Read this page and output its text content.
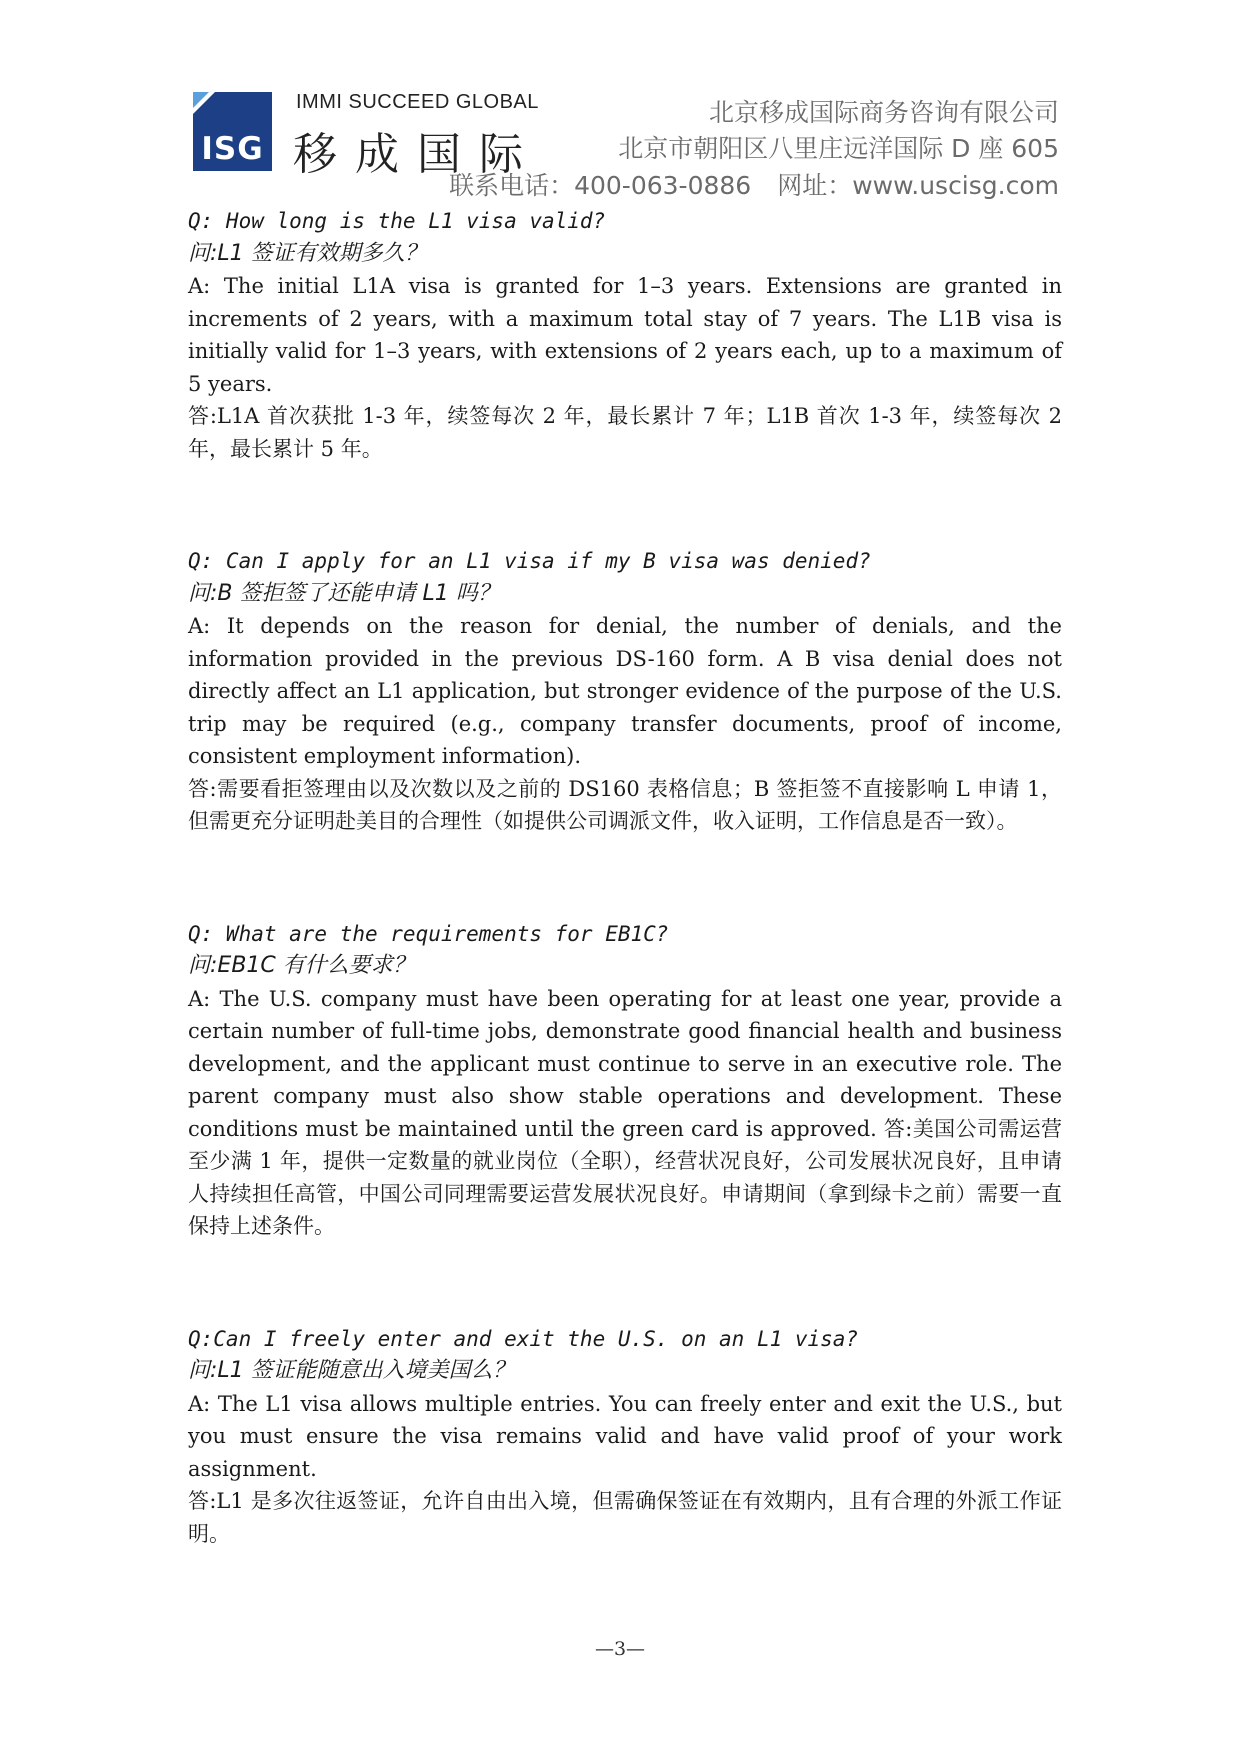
ISG
IMMI SUCCEED GLOBAL
移成国际
北京移成国际商务咨询有限公司
北京市朝阳区八里庄远洋国际 D 座 605
联系电话：400-063-0886 网址：www.uscisg.com
Q: How long is the L1 visa valid?
问:L1 签证有效期多久？
A: The initial L1A visa is granted for 1–3 years. Extensions are granted in increments of 2 years, with a maximum total stay of 7 years. The L1B visa is initially valid for 1–3 years, with extensions of 2 years each, up to a maximum of 5 years.
答:L1A 首次获批 1-3 年，续签每次 2 年，最长累计 7 年；L1B 首次 1-3 年，续签每次 2 年，最长累计 5 年。
Q: Can I apply for an L1 visa if my B visa was denied?
问:B 签拒签了还能申请 L1 吗？
A: It depends on the reason for denial, the number of denials, and the information provided in the previous DS-160 form. A B visa denial does not directly affect an L1 application, but stronger evidence of the purpose of the U.S. trip may be required (e.g., company transfer documents, proof of income, consistent employment information).
答:需要看拒签理由以及次数以及之前的 DS160 表格信息；B 签拒签不直接影响 L 申请 1，但需更充分证明赴美目的合理性（如提供公司调派文件，收入证明，工作信息是否一致）。
Q: What are the requirements for EB1C?
问:EB1C 有什么要求？
A: The U.S. company must have been operating for at least one year, provide a certain number of full-time jobs, demonstrate good financial health and business development, and the applicant must continue to serve in an executive role. The parent company must also show stable operations and development. These conditions must be maintained until the green card is approved. 答:美国公司需运营至少满 1 年，提供一定数量的就业岗位（全职），经营状况良好，公司发展状况良好，且申请人持续担任高管，中国公司同理需要运营发展状况良好。申请期间（拿到绿卡之前）需要一直保持上述条件。
Q:Can I freely enter and exit the U.S. on an L1 visa?
问:L1 签证能随意出入境美国么？
A: The L1 visa allows multiple entries. You can freely enter and exit the U.S., but you must ensure the visa remains valid and have valid proof of your work assignment.
答:L1 是多次往返签证，允许自由出入境，但需确保签证在有效期内，且有合理的外派工作证明。
—3—
